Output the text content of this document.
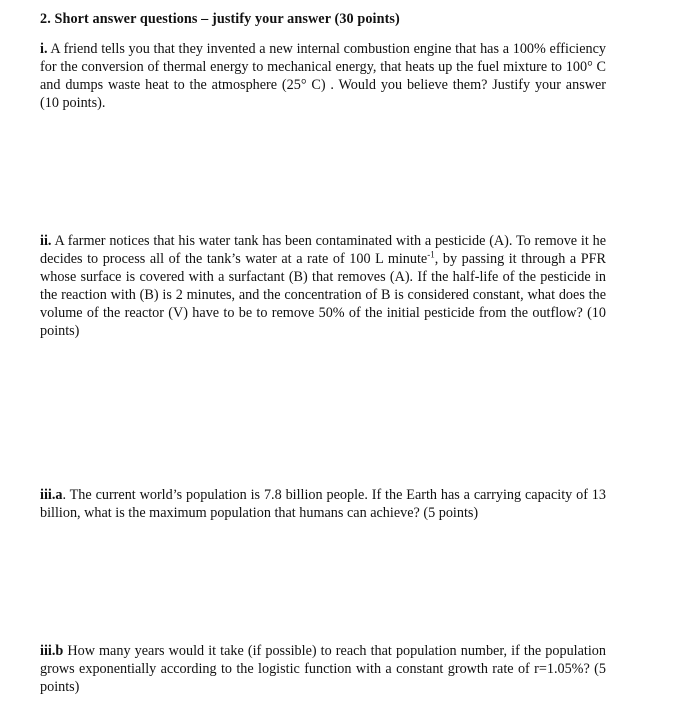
2. Short answer questions – justify your answer (30 points)
i. A friend tells you that they invented a new internal combustion engine that has a 100% efficiency for the conversion of thermal energy to mechanical energy, that heats up the fuel mixture to 100° C and dumps waste heat to the atmosphere (25° C) . Would you believe them? Justify your answer (10 points).
ii. A farmer notices that his water tank has been contaminated with a pesticide (A). To remove it he decides to process all of the tank’s water at a rate of 100 L minute$^{-1}$, by passing it through a PFR whose surface is covered with a surfactant (B) that removes (A). If the half-life of the pesticide in the reaction with (B) is 2 minutes, and the concentration of B is considered constant, what does the volume of the reactor (V) have to be to remove 50% of the initial pesticide from the outflow? (10 points)
iii.a. The current world’s population is 7.8 billion people. If the Earth has a carrying capacity of 13 billion, what is the maximum population that humans can achieve? (5 points)
iii.b How many years would it take (if possible) to reach that population number, if the population grows exponentially according to the logistic function with a constant growth rate of r=1.05%? (5 points)
